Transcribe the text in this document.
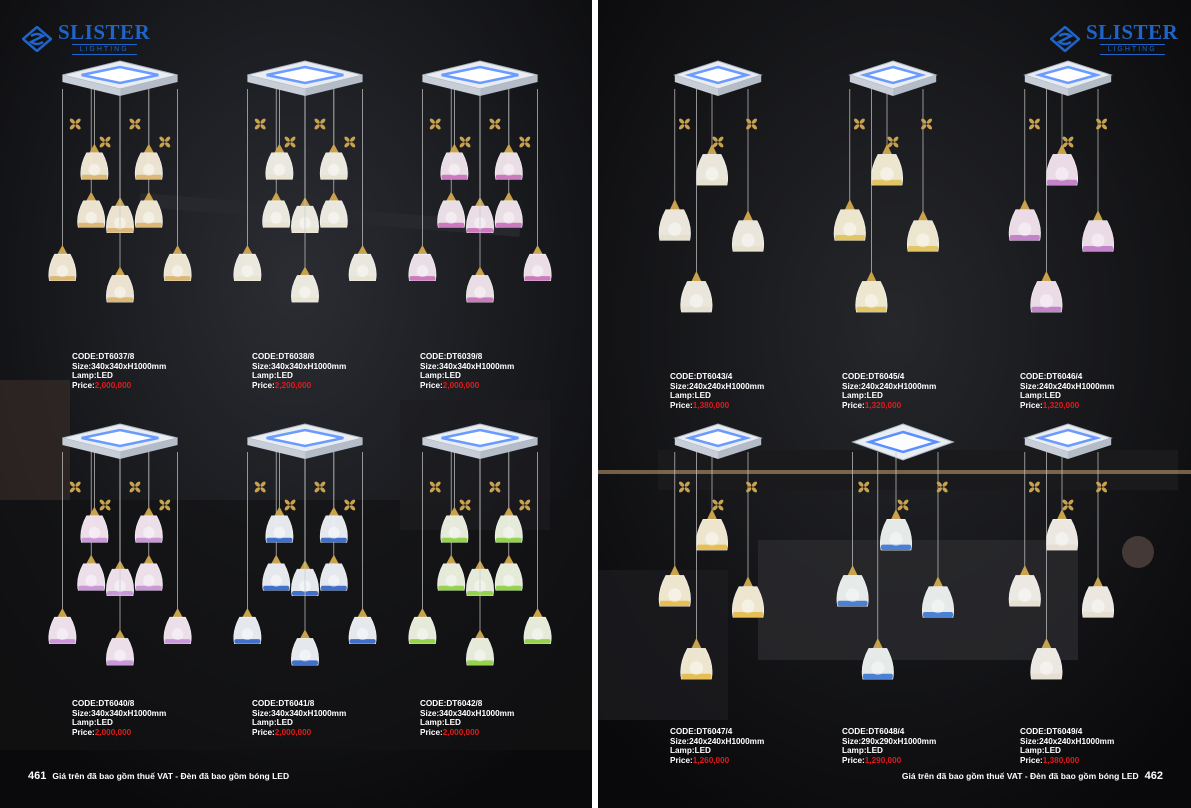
SLISTER
LIGHTING
CODE:DT6037/8
Size:340x340xH1000mm
Lamp:LED
Price:2,000,000
CODE:DT6038/8
Size:340x340xH1000mm
Lamp:LED
Price:2,200,000
CODE:DT6039/8
Size:340x340xH1000mm
Lamp:LED
Price:2,000,000
CODE:DT6040/8
Size:340x340xH1000mm
Lamp:LED
Price:2,000,000
CODE:DT6041/8
Size:340x340xH1000mm
Lamp:LED
Price:2,000,000
CODE:DT6042/8
Size:340x340xH1000mm
Lamp:LED
Price:2,000,000
461 Giá trên đã bao gồm thuế VAT - Đèn đã bao gồm bóng LED
SLISTER
LIGHTING
CODE:DT6043/4
Size:240x240xH1000mm
Lamp:LED
Price:1,380,000
CODE:DT6045/4
Size:240x240xH1000mm
Lamp:LED
Price:1,320,000
CODE:DT6046/4
Size:240x240xH1000mm
Lamp:LED
Price:1,320,000
CODE:DT6047/4
Size:240x240xH1000mm
Lamp:LED
Price:1,260,000
CODE:DT6048/4
Size:290x290xH1000mm
Lamp:LED
Price:1,290,000
CODE:DT6049/4
Size:240x240xH1000mm
Lamp:LED
Price:1,380,000
Giá trên đã bao gồm thuế VAT - Đèn đã bao gồm bóng LED 462
